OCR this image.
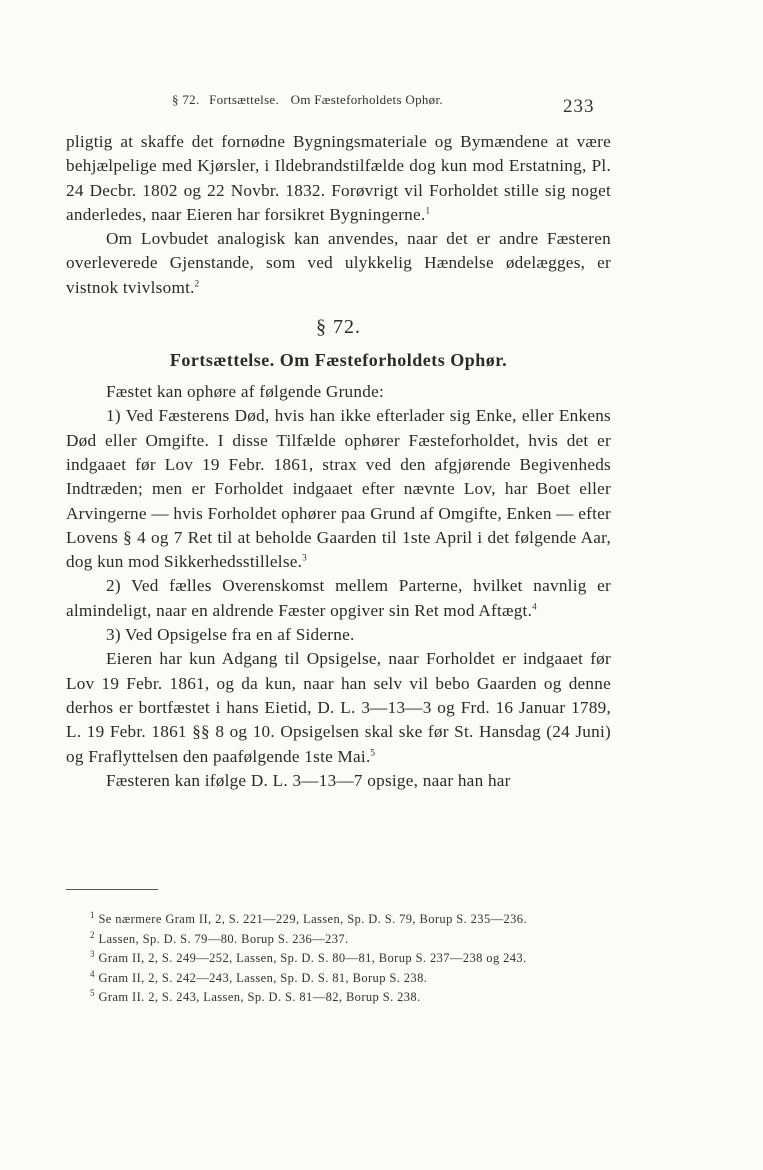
§ 72. Fortsættelse. Om Fæsteforholdets Ophør.	233

pligtig at skaffe det fornødne Bygningsmateriale og Bymændene at være behjælpelige med Kjørsler, i Ildebrandstilfælde dog kun mod Erstatning, Pl. 24 Decbr. 1802 og 22 Novbr. 1832. Forøvrigt vil Forholdet stille sig noget anderledes, naar Eieren har forsikret Bygningerne.$^1$

Om Lovbudet analogisk kan anvendes, naar det er andre Fæsteren overleverede Gjenstande, som ved ulykkelig Hændelse ødelægges, er vistnok tvivlsomt.$^2$

§ 72.
Fortsættelse. Om Fæsteforholdets Ophør.

Fæstet kan ophøre af følgende Grunde:

1) Ved Fæsterens Død, hvis han ikke efterlader sig Enke, eller Enkens Død eller Omgifte. I disse Tilfælde ophører Fæsteforholdet, hvis det er indgaaet før Lov 19 Febr. 1861, strax ved den afgjørende Begivenheds Indtræden; men er Forholdet indgaaet efter nævnte Lov, har Boet eller Arvingerne — hvis Forholdet ophører paa Grund af Omgifte, Enken — efter Lovens § 4 og 7 Ret til at beholde Gaarden til 1ste April i det følgende Aar, dog kun mod Sikkerhedsstillelse.$^3$

2) Ved fælles Overenskomst mellem Parterne, hvilket navnlig er almindeligt, naar en aldrende Fæster opgiver sin Ret mod Aftægt.$^4$

3) Ved Opsigelse fra en af Siderne.

Eieren har kun Adgang til Opsigelse, naar Forholdet er indgaaet før Lov 19 Febr. 1861, og da kun, naar han selv vil bebo Gaarden og denne derhos er bortfæstet i hans Eietid, D. L. 3—13—3 og Frd. 16 Januar 1789, L. 19 Febr. 1861 §§ 8 og 10. Opsigelsen skal ske før St. Hansdag (24 Juni) og Fraflyttelsen den paafølgende 1ste Mai.$^5$

Fæsteren kan ifølge D. L. 3—13—7 opsige, naar han har

$^1$ Se nærmere Gram II, 2, S. 221—229, Lassen, Sp. D. S. 79, Borup S. 235—236.

$^2$ Lassen, Sp. D. S. 79—80. Borup S. 236—237.

$^3$ Gram II, 2, S. 249—252, Lassen, Sp. D. S. 80—81, Borup S. 237—238 og 243.

$^4$ Gram II, 2, S. 242—243, Lassen, Sp. D. S. 81, Borup S. 238.

$^5$ Gram II. 2, S. 243, Lassen, Sp. D. S. 81—82, Borup S. 238.
